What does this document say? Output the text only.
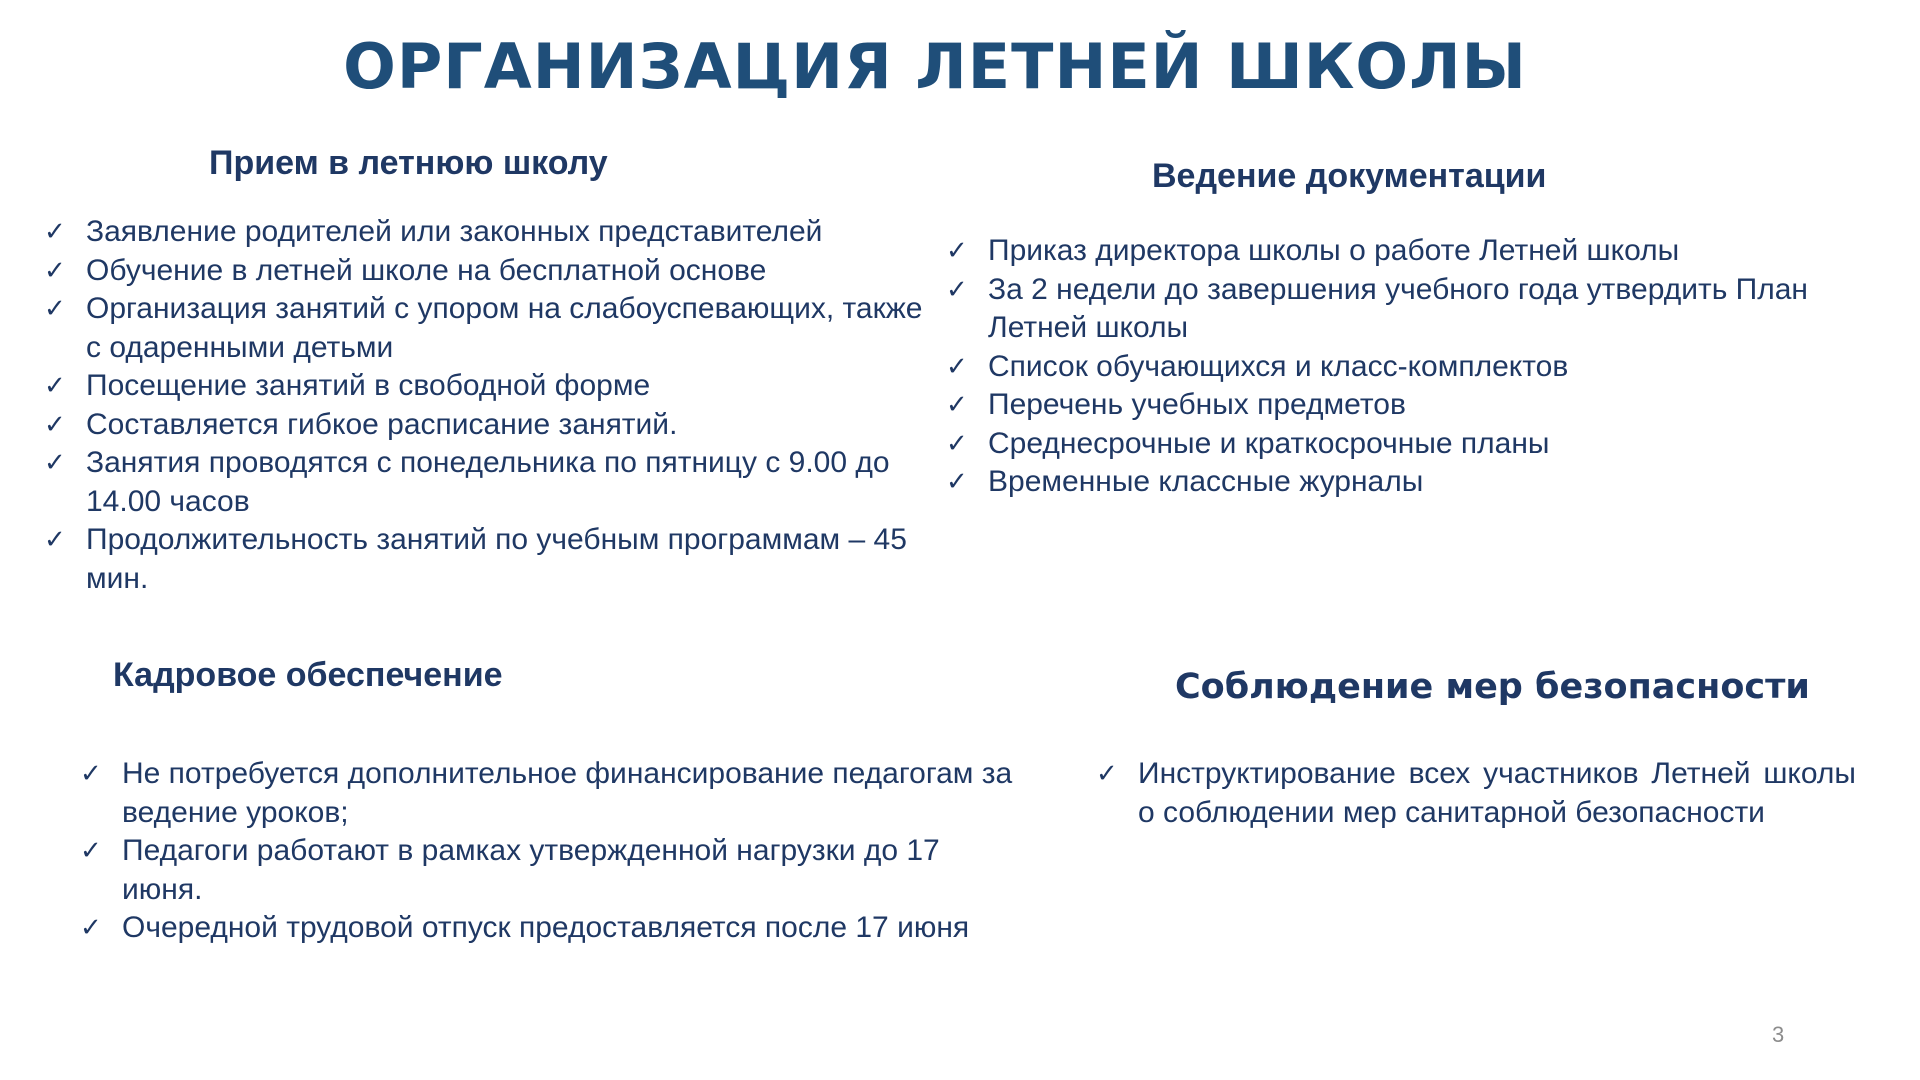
ОРГАНИЗАЦИЯ ЛЕТНЕЙ ШКОЛЫ
Прием в летнюю школу
✓ Заявление родителей или законных представителей
✓ Обучение в летней школе на бесплатной основе
✓ Организация занятий с упором на слабоуспевающих, также с одаренными детьми
✓ Посещение занятий в свободной форме
✓ Составляется гибкое расписание занятий.
✓ Занятия проводятся с понедельника по пятницу с 9.00 до 14.00 часов
✓ Продолжительность занятий по учебным программам – 45 мин.
Ведение документации
✓ Приказ директора школы о работе Летней школы
✓ За 2 недели до завершения учебного года утвердить План Летней школы
✓ Список обучающихся и класс-комплектов
✓ Перечень учебных предметов
✓ Среднесрочные и краткосрочные планы
✓ Временные классные журналы
Кадровое обеспечение
✓ Не потребуется дополнительное финансирование педагогам за ведение уроков;
✓ Педагоги работают в рамках утвержденной нагрузки до 17 июня.
✓ Очередной трудовой отпуск предоставляется после 17 июня
Соблюдение мер безопасности
✓ Инструктирование всех участников Летней школы о соблюдении мер санитарной безопасности
3
